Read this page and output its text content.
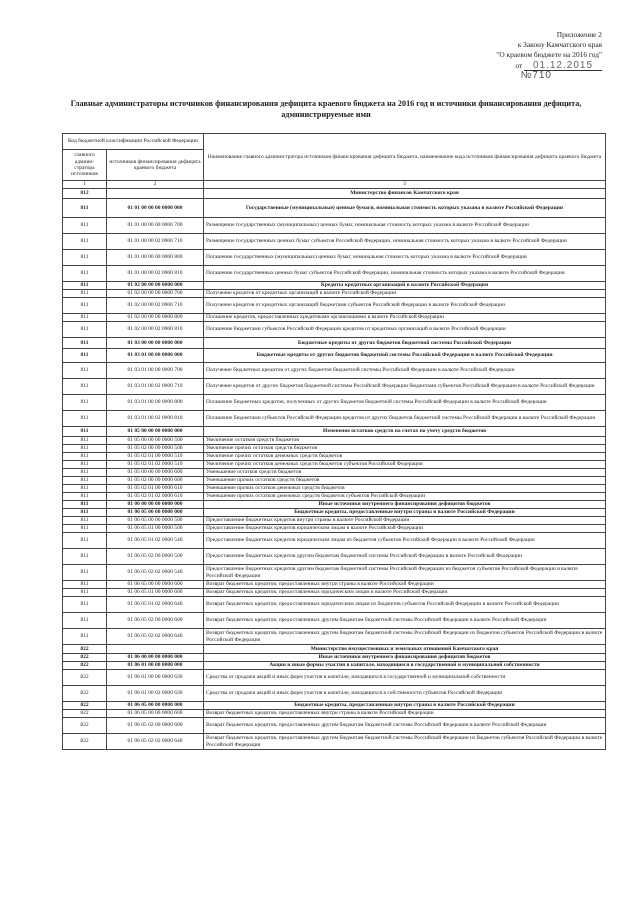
Приложение 2
к Закону Камчатского края
"О краевом бюджете на 2016 год"
от 01.12.2015
№710
Главные администраторы источников финансирования дефицита краевого бюджета на 2016 год и источники финансирования дефицита, администрируемые ими
Код бюджетной классификации Российской Федерации		Наименование главного администратора источников финансирования дефицита бюджета, наименование кода источников финансирования дефицита краевого бюджета
главного админи-стратора источников	источников финансирования дефицита краевого бюджета	
1	2	3
812		Министерство финансов Камчатского края
811	01 01 00 00 00 0000 000	Государственные (муниципальные) ценные бумаги, номинальная стоимость которых указана в валюте Российской Федерации
811	01 01 00 00 00 0000 700	Размещение государственных (муниципальных) ценных бумаг, номинальная стоимость которых указана в валюте Российской Федерации
811	01 01 00 00 02 0000 710	Размещение государственных ценных бумаг субъектов Российской Федерации, номинальная стоимость которых указана в валюте Российской Федерации
811	01 01 00 00 00 0000 800	Погашение государственных (муниципальных) ценных бумаг, номинальная стоимость которых указана в валюте Российской Федерации
811	01 01 00 00 02 0000 810	Погашение государственных ценных бумаг субъектов Российской Федерации, номинальная стоимость которых указана в валюте Российской Федерации
811	01 02 00 00 00 0000 000	Кредиты кредитных организаций в валюте Российской Федерации
811	01 02 00 00 00 0000 700	Получение кредитов от кредитных организаций в валюте Российской Федерации
811	01 02 00 00 02 0000 710	Получение кредитов от кредитных организаций бюджетами субъектов Российской Федерации в валюте Российской Федерации
811	01 02 00 00 00 0000 800	Погашение кредитов, предоставленных кредитными организациями в валюте Российской Федерации
811	01 02 00 00 02 0000 810	Погашение бюджетами субъектов Российской Федерации кредитов от кредитных организаций в валюте Российской Федерации
811	01 03 00 00 00 0000 000	Бюджетные кредиты от других бюджетов бюджетной системы Российской Федерации
811	01 03 01 00 00 0000 000	Бюджетные кредиты от других бюджетов бюджетной системы Российской Федерации в валюте Российской Федерации
811	01 03 01 00 00 0000 700	Получение бюджетных кредитов от других бюджетов бюджетной системы Российской Федерации в валюте Российской Федерации
811	01 03 01 00 02 0000 710	Получение кредитов от других бюджетов бюджетной системы Российской Федерации бюджетами субъектов Российской Федерации в валюте Российской Федерации
811	01 03 01 00 00 0000 800	Погашение бюджетных кредитов, полученных от других бюджетов бюджетной системы Российской Федерации в валюте Российской Федерации
811	01 03 01 00 02 0000 810	Погашение бюджетами субъектов Российской Федерации кредитов от других бюджетов бюджетной системы Российской Федерации в валюте Российской Федерации
811	01 05 00 00 00 0000 000	Изменение остатков средств на счетах по учету средств бюджетов
811	01 05 00 00 00 0000 500	Увеличение остатков средств бюджетов
811	01 05 02 00 00 0000 500	Увеличение прочих остатков средств бюджетов
811	01 05 02 01 00 0000 510	Увеличение прочих остатков денежных средств бюджетов
811	01 05 02 01 02 0000 510	Увеличение прочих остатков денежных средств бюджетов субъектов Российской Федерации
811	01 05 00 00 00 0000 600	Уменьшение остатков средств бюджетов
811	01 05 02 00 00 0000 600	Уменьшение прочих остатков средств бюджетов
811	01 05 02 01 00 0000 610	Уменьшение прочих остатков денежных средств бюджетов
811	01 05 02 01 02 0000 610	Уменьшение прочих остатков денежных средств бюджетов субъектов Российской Федерации
811	01 06 00 00 00 0000 000	Иные источники внутреннего финансирования дефицитов бюджетов
811	01 06 05 00 00 0000 000	Бюджетные кредиты, предоставленные внутри страны в валюте Российской Федерации
811	01 06 05 00 00 0000 500	Предоставление бюджетных кредитов внутри страны в валюте Российской Федерации
811	01 06 05 01 00 0000 500	Предоставление бюджетных кредитов юридическим лицам в валюте Российской Федерации
811	01 06 05 01 02 0000 540	Предоставление бюджетных кредитов юридическим лицам из бюджетов субъектов Российской Федерации в валюте Российской Федерации
811	01 06 05 02 00 0000 500	Предоставление бюджетных кредитов другим бюджетам бюджетной системы Российской Федерации в валюте Российской Федерации
811	01 06 05 02 02 0000 540	Предоставление бюджетных кредитов другим бюджетам бюджетной системы Российской Федерации из бюджетов субъектов Российской Федерации в валюте Российской Федерации
811	01 06 05 00 00 0000 600	Возврат бюджетных кредитов, предоставленных внутри страны в валюте Российской Федерации
811	01 06 05 01 00 0000 600	Возврат бюджетных кредитов, предоставленных юридическим лицам в валюте Российской Федерации
811	01 06 05 01 02 0000 640	Возврат бюджетных кредитов, предоставленных юридическим лицам из бюджетов субъектов Российской Федерации в валюте Российской Федерации
811	01 06 05 02 00 0000 600	Возврат бюджетных кредитов, предоставленных другим бюджетам бюджетной системы Российской Федерации в валюте Российской Федерации
811	01 06 05 02 02 0000 640	Возврат бюджетных кредитов, предоставленных другим бюджетам бюджетной системы Российской Федерации из бюджетов субъектов Российской Федерации в валюте Российской Федерации
822		Министерство имущественных и земельных отношений Камчатского края
822	01 06 00 00 00 0000 000	Иные источники внутреннего финансирования дефицитов бюджетов
822	01 06 01 00 00 0000 000	Акции и иные формы участия в капитале, находящиеся в государственной и муниципальной собственности
822	01 06 01 00 00 0000 630	Средства от продажи акций и иных форм участия в капитале, находящихся в государственной и муниципальной собственности
822	01 06 01 00 02 0000 630	Средства от продажи акций и иных форм участия в капитале, находящихся в собственности субъектов Российской Федерации
822	01 06 05 00 00 0000 000	Бюджетные кредиты, предоставленные внутри страны в валюте Российской Федерации
822	01 06 05 00 00 0000 600	Возврат бюджетных кредитов, предоставленных внутри страны в валюте Российской Федерации
822	01 06 05 02 00 0000 600	Возврат бюджетных кредитов, предоставленных другим бюджетам бюджетной системы Российской Федерации в валюте Российской Федерации
822	01 06 05 02 02 0000 640	Возврат бюджетных кредитов, предоставленных другим бюджетам бюджетной системы Российской Федерации из бюджетов субъектов Российской Федерации в валюте Российской Федерации
